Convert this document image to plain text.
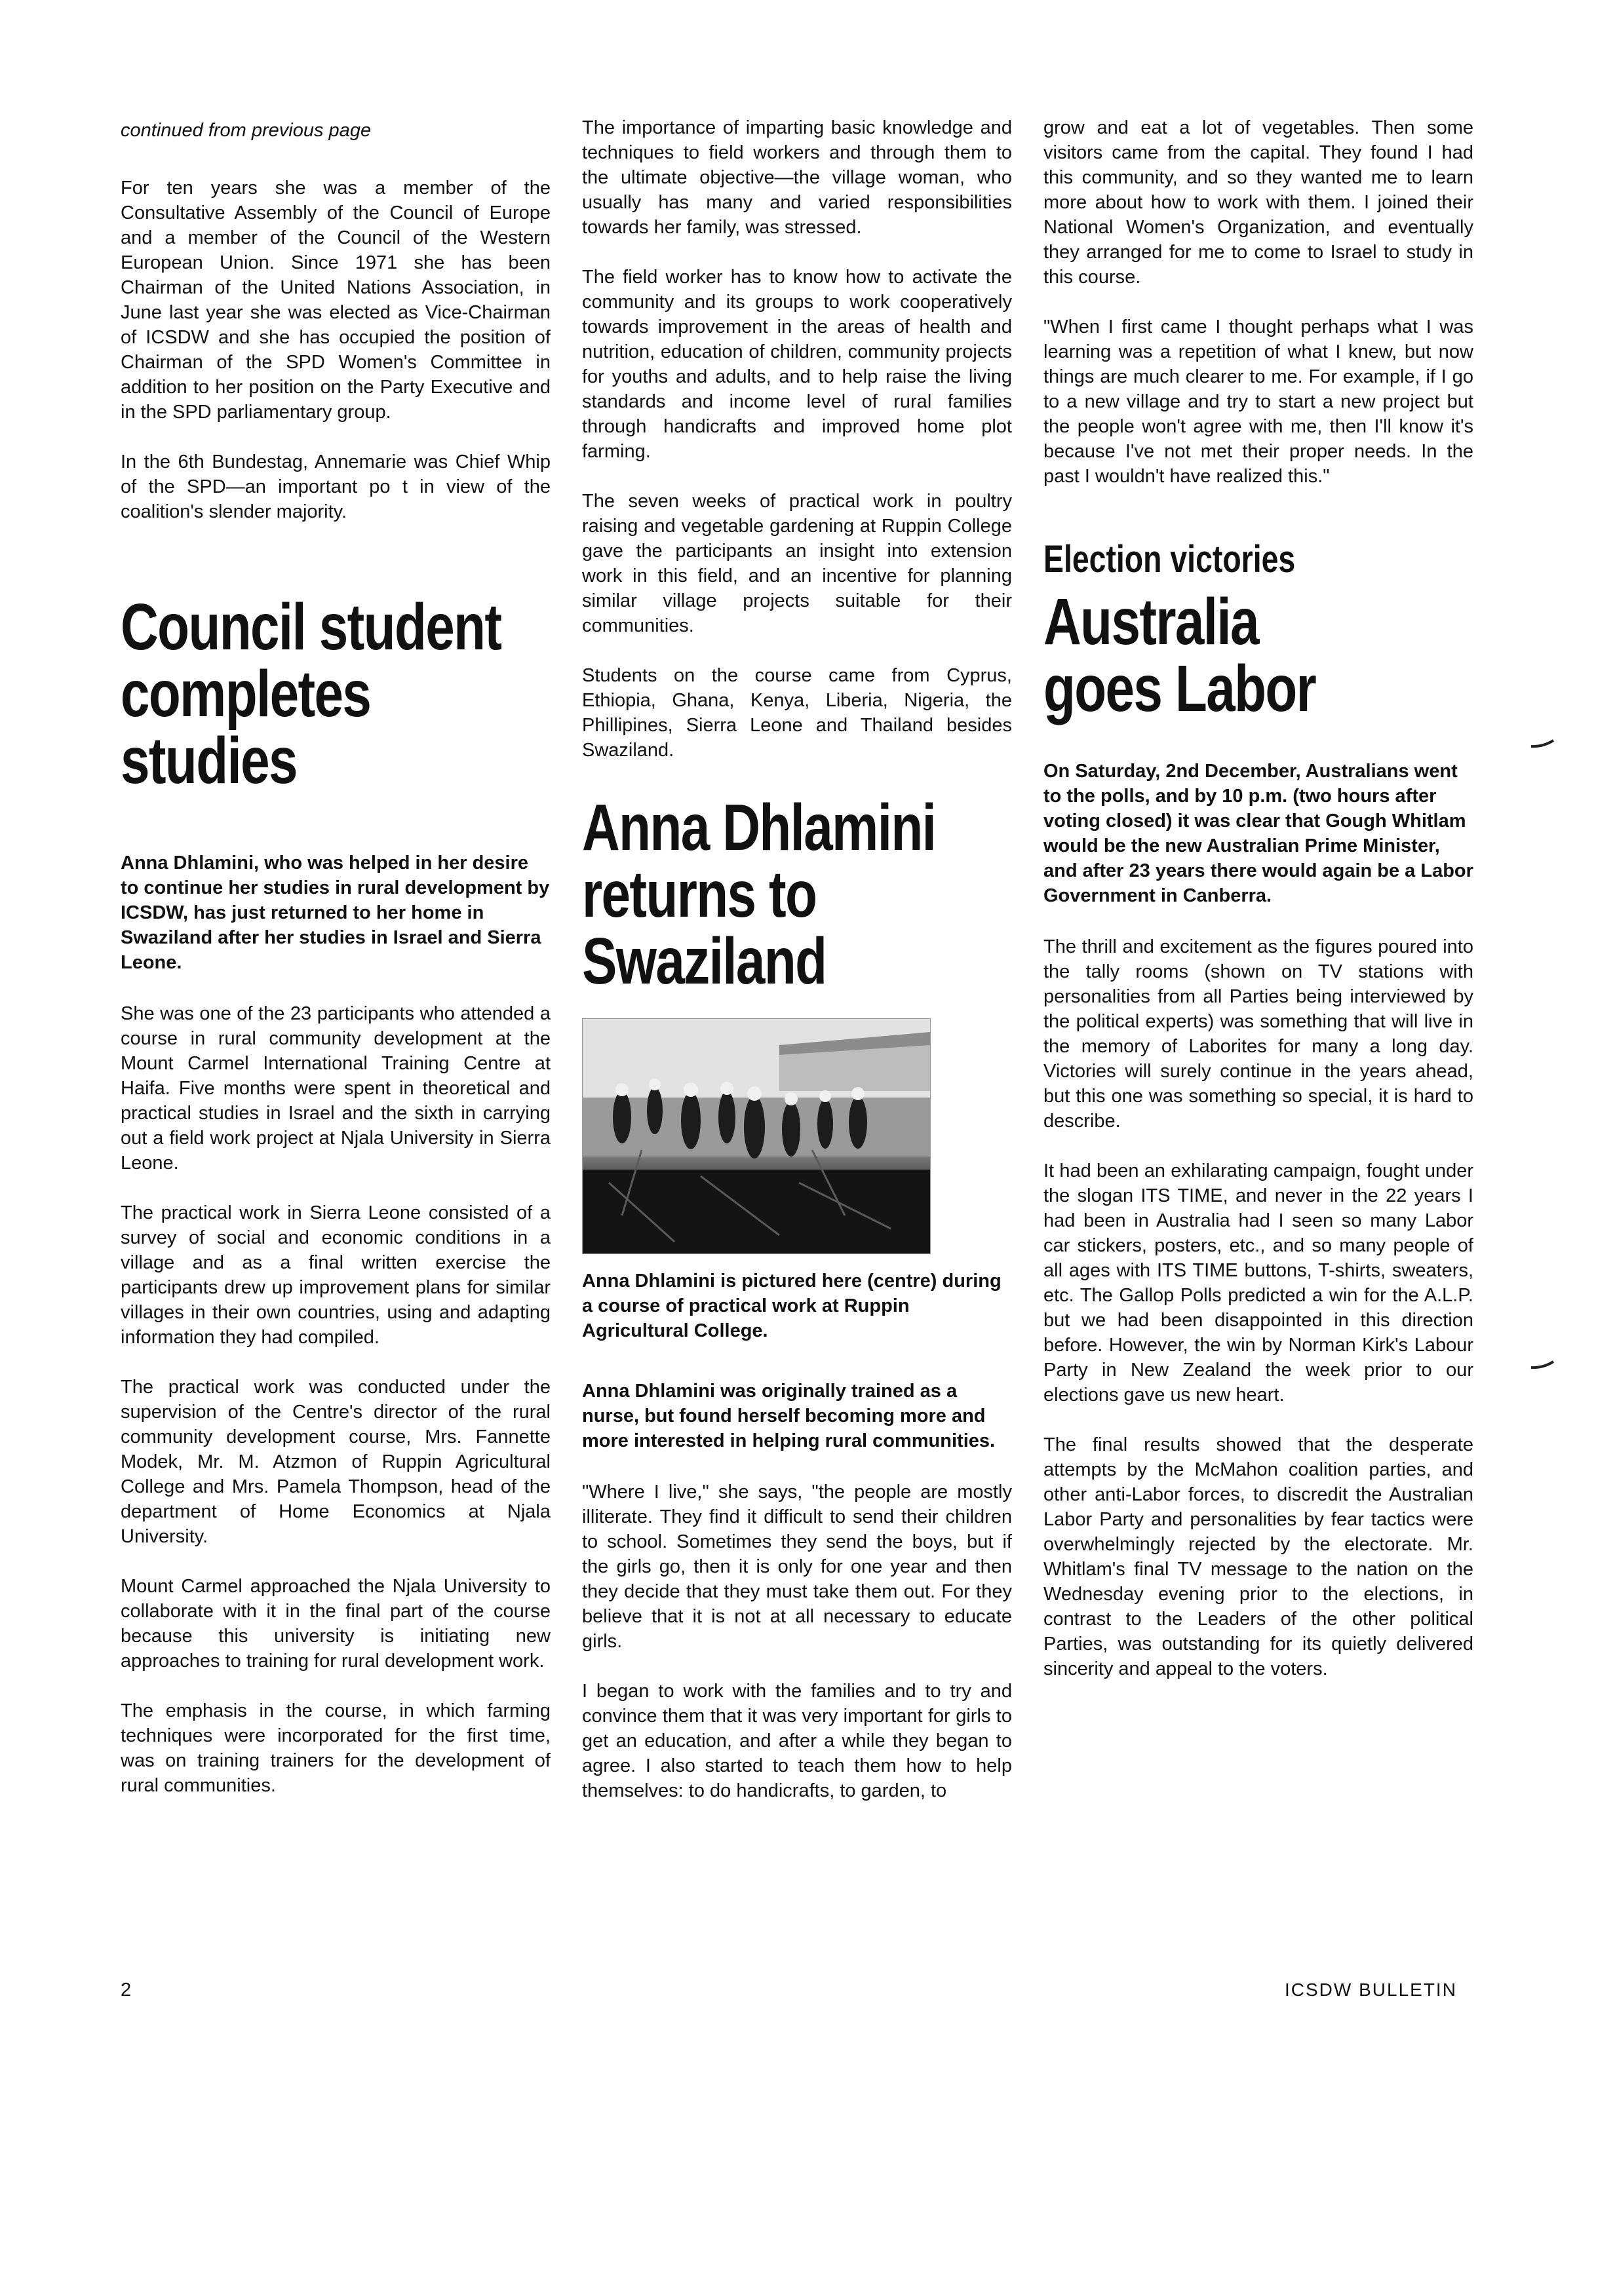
continued from previous page

For ten years she was a member of the Consultative Assembly of the Council of Europe and a member of the Council of the Western European Union. Since 1971 she has been Chairman of the United Nations Association, in June last year she was elected as Vice-Chairman of ICSDW and she has occupied the position of Chairman of the SPD Women's Committee in addition to her position on the Party Executive and in the SPD parliamentary group.

In the 6th Bundestag, Annemarie was Chief Whip of the SPD—an important po t in view of the coalition's slender majority.

Council student
completes
studies

Anna Dhlamini, who was helped in her desire to continue her studies in rural development by ICSDW, has just returned to her home in Swaziland after her studies in Israel and Sierra Leone.

She was one of the 23 participants who attended a course in rural community development at the Mount Carmel International Training Centre at Haifa. Five months were spent in theoretical and practical studies in Israel and the sixth in carrying out a field work project at Njala University in Sierra Leone.

The practical work in Sierra Leone consisted of a survey of social and economic conditions in a village and as a final written exercise the participants drew up improvement plans for similar villages in their own countries, using and adapting information they had compiled.

The practical work was conducted under the supervision of the Centre's director of the rural community development course, Mrs. Fannette Modek, Mr. M. Atzmon of Ruppin Agricultural College and Mrs. Pamela Thompson, head of the department of Home Economics at Njala University.

Mount Carmel approached the Njala University to collaborate with it in the final part of the course because this university is initiating new approaches to training for rural development work.

The emphasis in the course, in which farming techniques were incorporated for the first time, was on training trainers for the development of rural communities.

The importance of imparting basic knowledge and techniques to field workers and through them to the ultimate objective—the village woman, who usually has many and varied responsibilities towards her family, was stressed.

The field worker has to know how to activate the community and its groups to work cooperatively towards improvement in the areas of health and nutrition, education of children, community projects for youths and adults, and to help raise the living standards and income level of rural families through handicrafts and improved home plot farming.

The seven weeks of practical work in poultry raising and vegetable gardening at Ruppin College gave the participants an insight into extension work in this field, and an incentive for planning similar village projects suitable for their communities.

Students on the course came from Cyprus, Ethiopia, Ghana, Kenya, Liberia, Nigeria, the Phillipines, Sierra Leone and Thailand besides Swaziland.

Anna Dhlamini
returns to
Swaziland

Anna Dhlamini is pictured here (centre) during a course of practical work at Ruppin Agricultural College.

Anna Dhlamini was originally trained as a nurse, but found herself becoming more and more interested in helping rural communities.

"Where I live," she says, "the people are mostly illiterate. They find it difficult to send their children to school. Sometimes they send the boys, but if the girls go, then it is only for one year and then they decide that they must take them out. For they believe that it is not at all necessary to educate girls.

I began to work with the families and to try and convince them that it was very important for girls to get an education, and after a while they began to agree. I also started to teach them how to help themselves: to do handicrafts, to garden, to

grow and eat a lot of vegetables. Then some visitors came from the capital. They found I had this community, and so they wanted me to learn more about how to work with them. I joined their National Women's Organization, and eventually they arranged for me to come to Israel to study in this course.

"When I first came I thought perhaps what I was learning was a repetition of what I knew, but now things are much clearer to me. For example, if I go to a new village and try to start a new project but the people won't agree with me, then I'll know it's because I've not met their proper needs. In the past I wouldn't have realized this."

Election victories
Australia
goes Labor

On Saturday, 2nd December, Australians went to the polls, and by 10 p.m. (two hours after voting closed) it was clear that Gough Whitlam would be the new Australian Prime Minister, and after 23 years there would again be a Labor Government in Canberra.

The thrill and excitement as the figures poured into the tally rooms (shown on TV stations with personalities from all Parties being interviewed by the political experts) was something that will live in the memory of Laborites for many a long day. Victories will surely continue in the years ahead, but this one was something so special, it is hard to describe.

It had been an exhilarating campaign, fought under the slogan ITS TIME, and never in the 22 years I had been in Australia had I seen so many Labor car stickers, posters, etc., and so many people of all ages with ITS TIME buttons, T-shirts, sweaters, etc. The Gallop Polls predicted a win for the A.L.P. but we had been disappointed in this direction before. However, the win by Norman Kirk's Labour Party in New Zealand the week prior to our elections gave us new heart.

The final results showed that the desperate attempts by the McMahon coalition parties, and other anti-Labor forces, to discredit the Australian Labor Party and personalities by fear tactics were overwhelmingly rejected by the electorate. Mr. Whitlam's final TV message to the nation on the Wednesday evening prior to the elections, in contrast to the Leaders of the other political Parties, was outstanding for its quietly delivered sincerity and appeal to the voters.

2	ICSDW BULLETIN
